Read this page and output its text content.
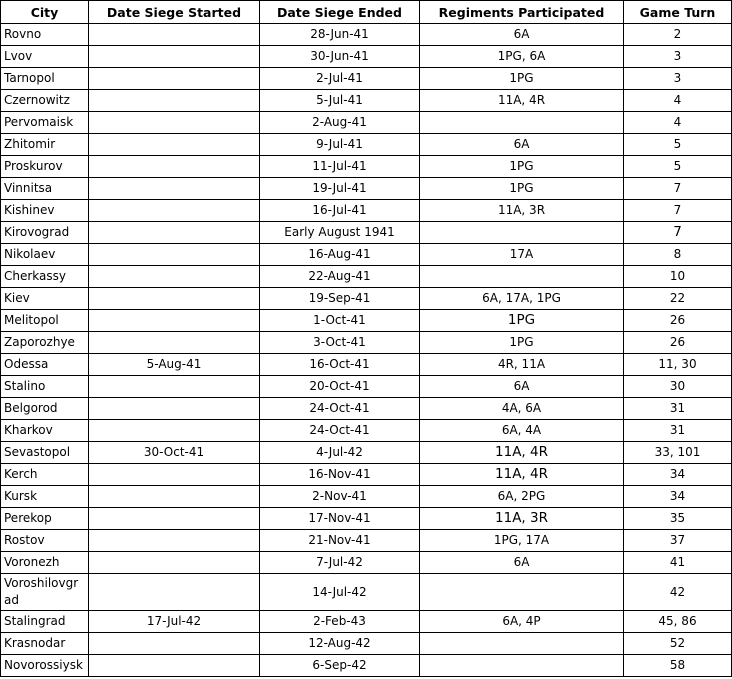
City	Date Siege Started	Date Siege Ended	Regiments Participated	Game Turn
Rovno		28-Jun-41	6A	2
Lvov		30-Jun-41	1PG, 6A	3
Tarnopol		2-Jul-41	1PG	3
Czernowitz		5-Jul-41	11A, 4R	4
Pervomaisk		2-Aug-41		4
Zhitomir		9-Jul-41	6A	5
Proskurov		11-Jul-41	1PG	5
Vinnitsa		19-Jul-41	1PG	7
Kishinev		16-Jul-41	11A, 3R	7
Kirovograd		Early August 1941		7
Nikolaev		16-Aug-41	17A	8
Cherkassy		22-Aug-41		10
Kiev		19-Sep-41	6A, 17A, 1PG	22
Melitopol		1-Oct-41	1PG	26
Zaporozhye		3-Oct-41	1PG	26
Odessa	5-Aug-41	16-Oct-41	4R, 11A	11, 30
Stalino		20-Oct-41	6A	30
Belgorod		24-Oct-41	4A, 6A	31
Kharkov		24-Oct-41	6A, 4A	31
Sevastopol	30-Oct-41	4-Jul-42	11A, 4R	33, 101
Kerch		16-Nov-41	11A, 4R	34
Kursk		2-Nov-41	6A, 2PG	34
Perekop		17-Nov-41	11A, 3R	35
Rostov		21-Nov-41	1PG, 17A	37
Voronezh		7-Jul-42	6A	41
Voroshilovgrad		14-Jul-42		42
Stalingrad	17-Jul-42	2-Feb-43	6A, 4P	45, 86
Krasnodar		12-Aug-42		52
Novorossiysk		6-Sep-42		58
